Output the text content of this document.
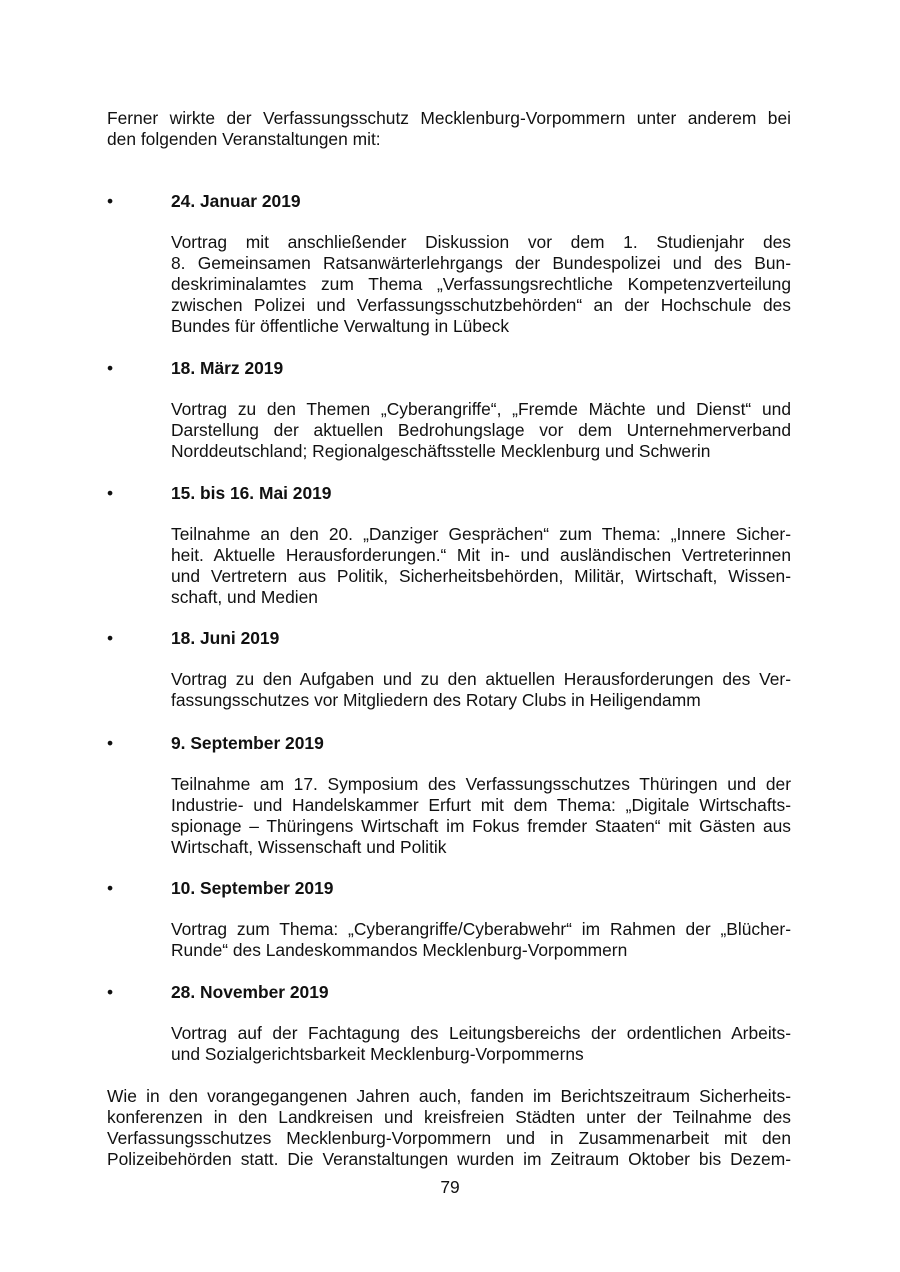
Ferner wirkte der Verfassungsschutz Mecklenburg-Vorpommern unter anderem bei
den folgenden Veranstaltungen mit:

•	24. Januar 2019
Vortrag mit anschließender Diskussion vor dem 1. Studienjahr des
8. Gemeinsamen Ratsanwärterlehrgangs der Bundespolizei und des Bun-
deskriminalamtes zum Thema „Verfassungsrechtliche Kompetenzverteilung
zwischen Polizei und Verfassungsschutzbehörden“ an der Hochschule des
Bundes für öffentliche Verwaltung in Lübeck
•	18. März 2019
Vortrag zu den Themen „Cyberangriffe“, „Fremde Mächte und Dienst“ und
Darstellung der aktuellen Bedrohungslage vor dem Unternehmerverband
Norddeutschland; Regionalgeschäftsstelle Mecklenburg und Schwerin
•	15. bis 16. Mai 2019
Teilnahme an den 20. „Danziger Gesprächen“ zum Thema: „Innere Sicher-
heit. Aktuelle Herausforderungen.“ Mit in- und ausländischen Vertreterinnen
und Vertretern aus Politik, Sicherheitsbehörden, Militär, Wirtschaft, Wissen-
schaft, und Medien
•	18. Juni 2019
Vortrag zu den Aufgaben und zu den aktuellen Herausforderungen des Ver-
fassungsschutzes vor Mitgliedern des Rotary Clubs in Heiligendamm
•	9. September 2019
Teilnahme am 17. Symposium des Verfassungsschutzes Thüringen und der
Industrie- und Handelskammer Erfurt mit dem Thema: „Digitale Wirtschafts-
spionage – Thüringens Wirtschaft im Fokus fremder Staaten“ mit Gästen aus
Wirtschaft, Wissenschaft und Politik
•	10. September 2019
Vortrag zum Thema: „Cyberangriffe/Cyberabwehr“ im Rahmen der „Blücher-
Runde“ des Landeskommandos Mecklenburg-Vorpommern
•	28. November 2019
Vortrag auf der Fachtagung des Leitungsbereichs der ordentlichen Arbeits-
und Sozialgerichtsbarkeit Mecklenburg-Vorpommerns

Wie in den vorangegangenen Jahren auch, fanden im Berichtszeitraum Sicherheits-
konferenzen in den Landkreisen und kreisfreien Städten unter der Teilnahme des
Verfassungsschutzes Mecklenburg-Vorpommern und in Zusammenarbeit mit den
Polizeibehörden statt. Die Veranstaltungen wurden im Zeitraum Oktober bis Dezem-

79
